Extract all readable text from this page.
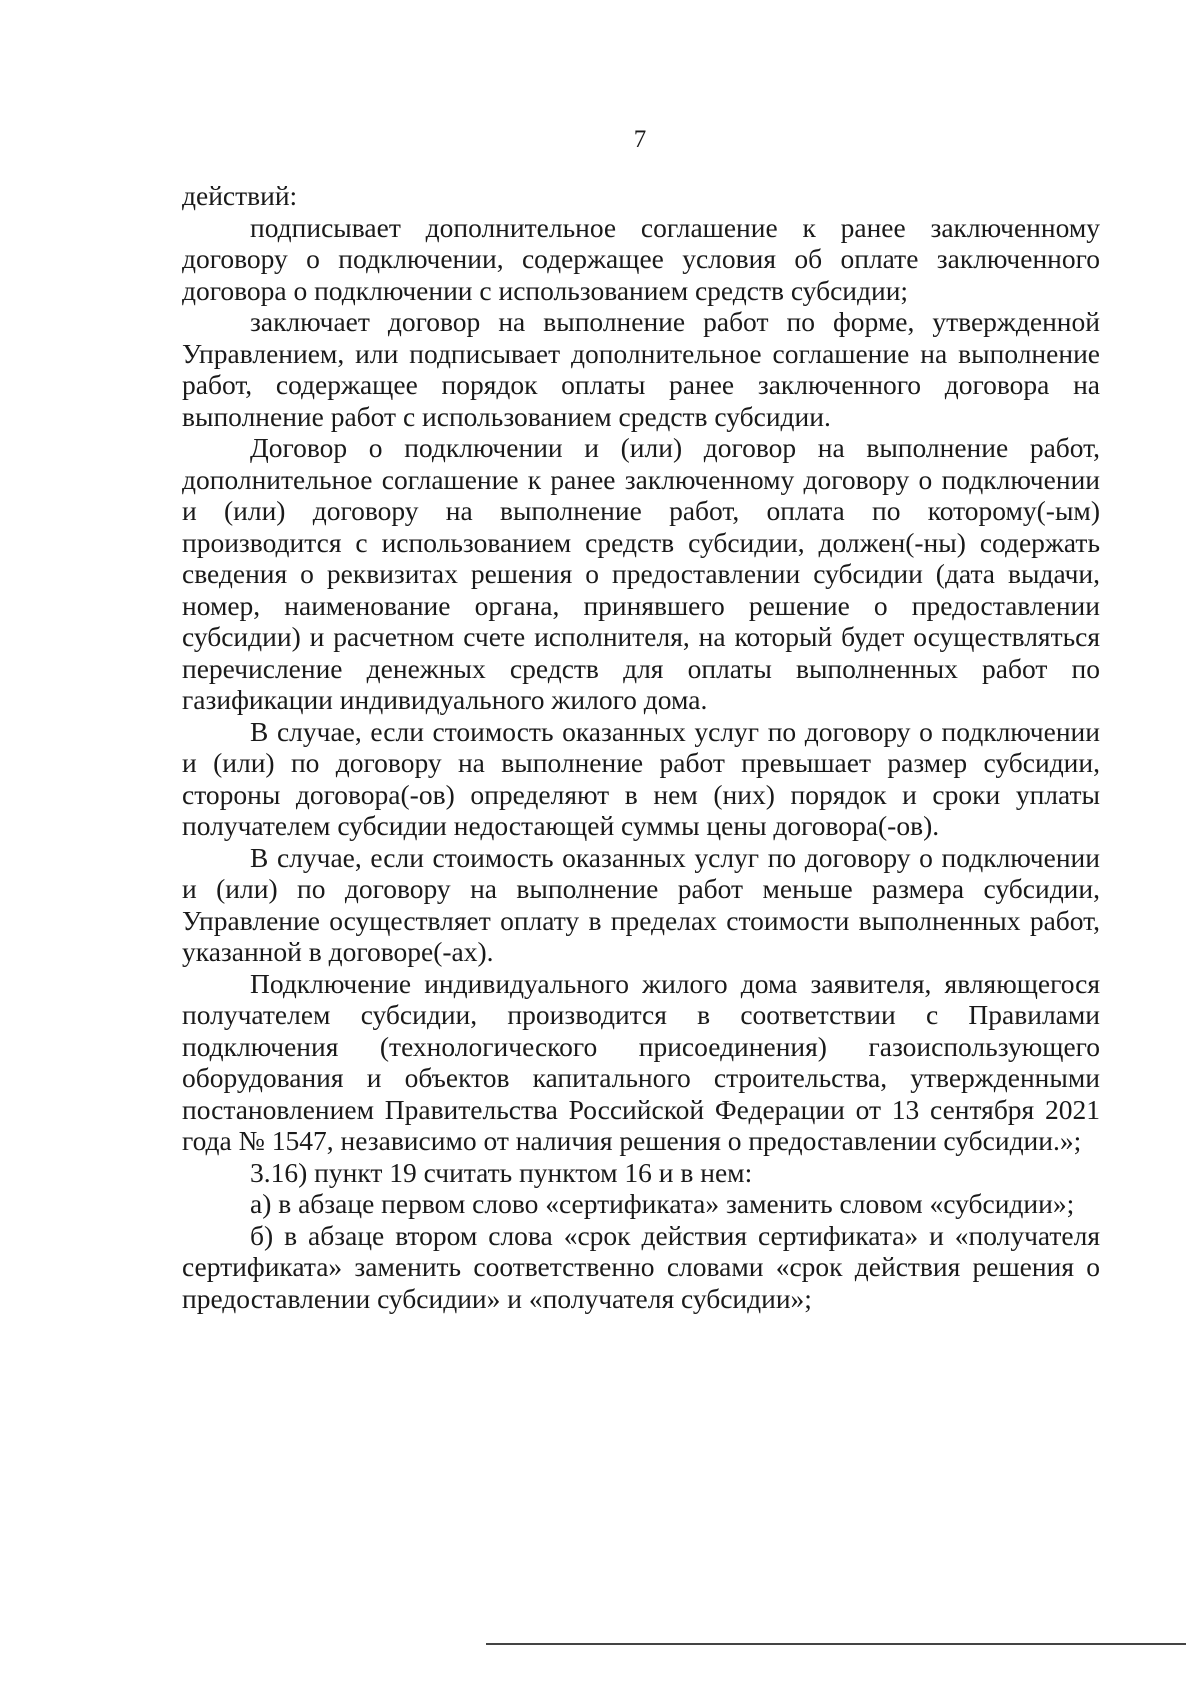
7

действий:

подписывает дополнительное соглашение к ранее заключенному договору о подключении, содержащее условия об оплате заключенного договора о подключении с использованием средств субсидии;

заключает договор на выполнение работ по форме, утвержденной Управлением, или подписывает дополнительное соглашение на выполнение работ, содержащее порядок оплаты ранее заключенного договора на выполнение работ с использованием средств субсидии.

Договор о подключении и (или) договор на выполнение работ, дополнительное соглашение к ранее заключенному договору о подключении и (или) договору на выполнение работ, оплата по которому(-ым) производится с использованием средств субсидии, должен(-ны) содержать сведения о реквизитах решения о предоставлении субсидии (дата выдачи, номер, наименование органа, принявшего решение о предоставлении субсидии) и расчетном счете исполнителя, на который будет осуществляться перечисление денежных средств для оплаты выполненных работ по газификации индивидуального жилого дома.

В случае, если стоимость оказанных услуг по договору о подключении и (или) по договору на выполнение работ превышает размер субсидии, стороны договора(-ов) определяют в нем (них) порядок и сроки уплаты получателем субсидии недостающей суммы цены договора(-ов).

В случае, если стоимость оказанных услуг по договору о подключении и (или) по договору на выполнение работ меньше размера субсидии, Управление осуществляет оплату в пределах стоимости выполненных работ, указанной в договоре(-ах).

Подключение индивидуального жилого дома заявителя, являющегося получателем субсидии, производится в соответствии с Правилами подключения (технологического присоединения) газоиспользующего оборудования и объектов капитального строительства, утвержденными постановлением Правительства Российской Федерации от 13 сентября 2021 года № 1547, независимо от наличия решения о предоставлении субсидии.»;

3.16) пункт 19 считать пунктом 16 и в нем:

а) в абзаце первом слово «сертификата» заменить словом «субсидии»;

б) в абзаце втором слова «срок действия сертификата» и «получателя сертификата» заменить соответственно словами «срок действия решения о предоставлении субсидии» и «получателя субсидии»;
